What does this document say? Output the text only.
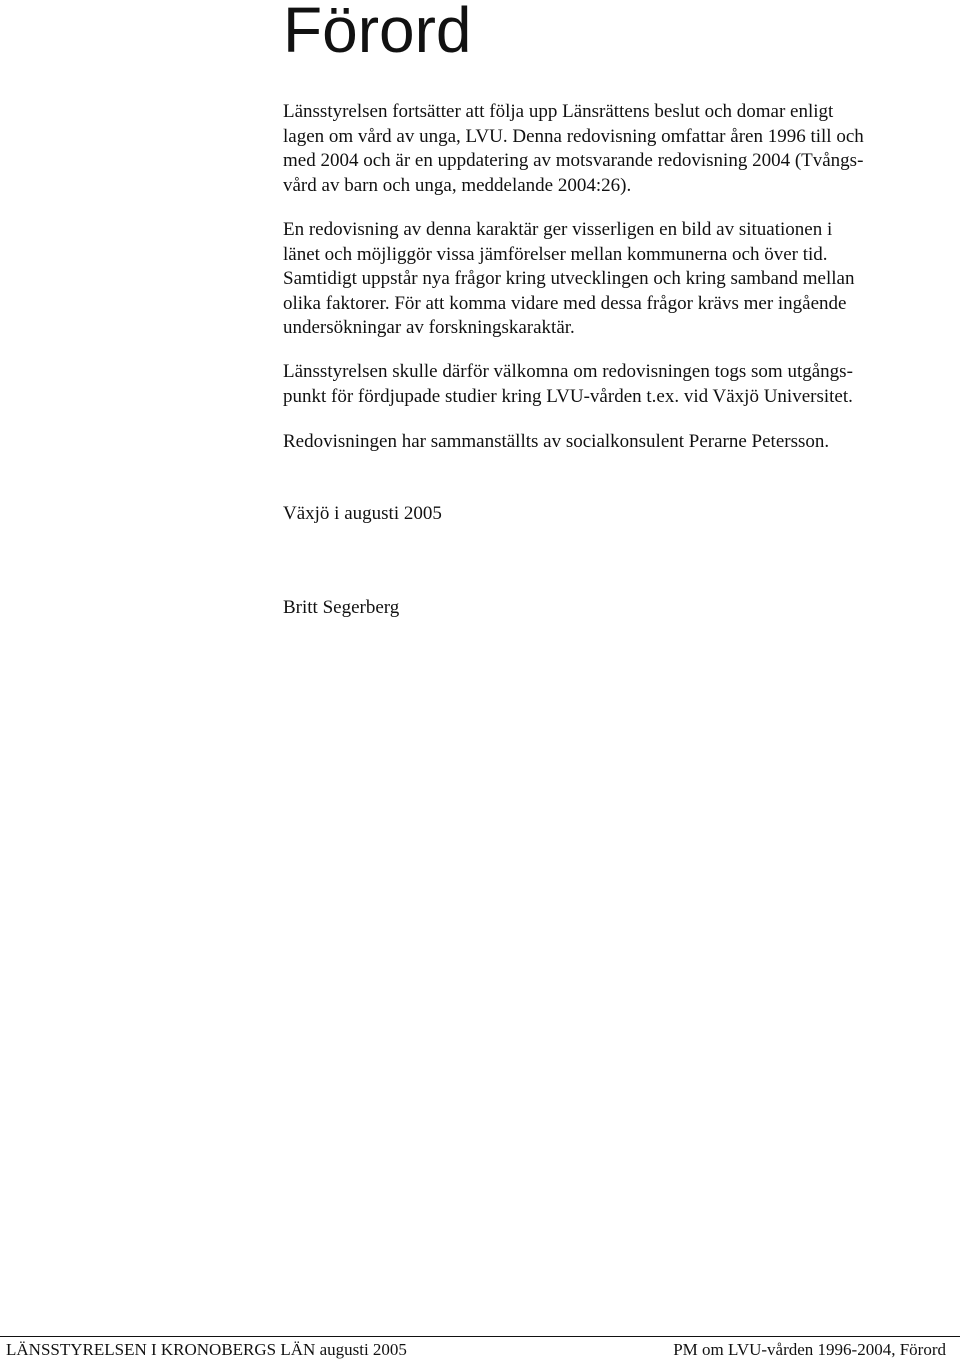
Förord
Länsstyrelsen fortsätter att följa upp Länsrättens beslut och domar enligt
lagen om vård av unga, LVU. Denna redovisning omfattar åren 1996 till och
med 2004 och är en uppdatering av motsvarande redovisning 2004 (Tvångs-
vård av barn och unga, meddelande 2004:26).
En redovisning av denna karaktär ger visserligen en bild av situationen i
länet och möjliggör vissa jämförelser mellan kommunerna och över tid.
Samtidigt uppstår nya frågor kring utvecklingen och kring samband mellan
olika faktorer. För att komma vidare med dessa frågor krävs mer ingående
undersökningar av forskningskaraktär.
Länsstyrelsen skulle därför välkomna om redovisningen togs som utgångs-
punkt för fördjupade studier kring LVU-vården t.ex. vid Växjö Universitet.
Redovisningen har sammanställts av socialkonsulent Perarne Petersson.

Växjö i augusti 2005

Britt Segerberg

LÄNSSTYRELSEN I KRONOBERGS LÄN augusti 2005	PM om LVU-vården 1996-2004, Förord
